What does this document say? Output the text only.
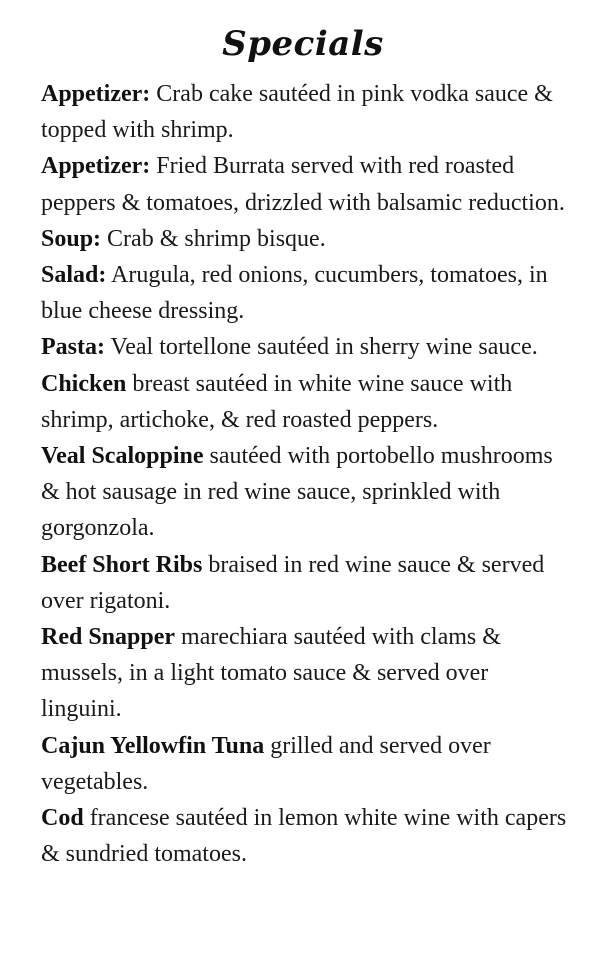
Specials

Appetizer: Crab cake sautéed in pink vodka sauce & topped with shrimp.

Appetizer: Fried Burrata served with red roasted peppers & tomatoes, drizzled with balsamic reduction.

Soup: Crab & shrimp bisque.

Salad: Arugula, red onions, cucumbers, tomatoes, in blue cheese dressing.

Pasta: Veal tortellone sautéed in sherry wine sauce.

Chicken breast sautéed in white wine sauce with shrimp, artichoke, & red roasted peppers.

Veal Scaloppine sautéed with portobello mushrooms & hot sausage in red wine sauce, sprinkled with gorgonzola.

Beef Short Ribs braised in red wine sauce & served over rigatoni.

Red Snapper marechiara sautéed with clams & mussels, in a light tomato sauce & served over linguini.

Cajun Yellowfin Tuna grilled and served over vegetables.

Cod francese sautéed in lemon white wine with capers & sundried tomatoes.
